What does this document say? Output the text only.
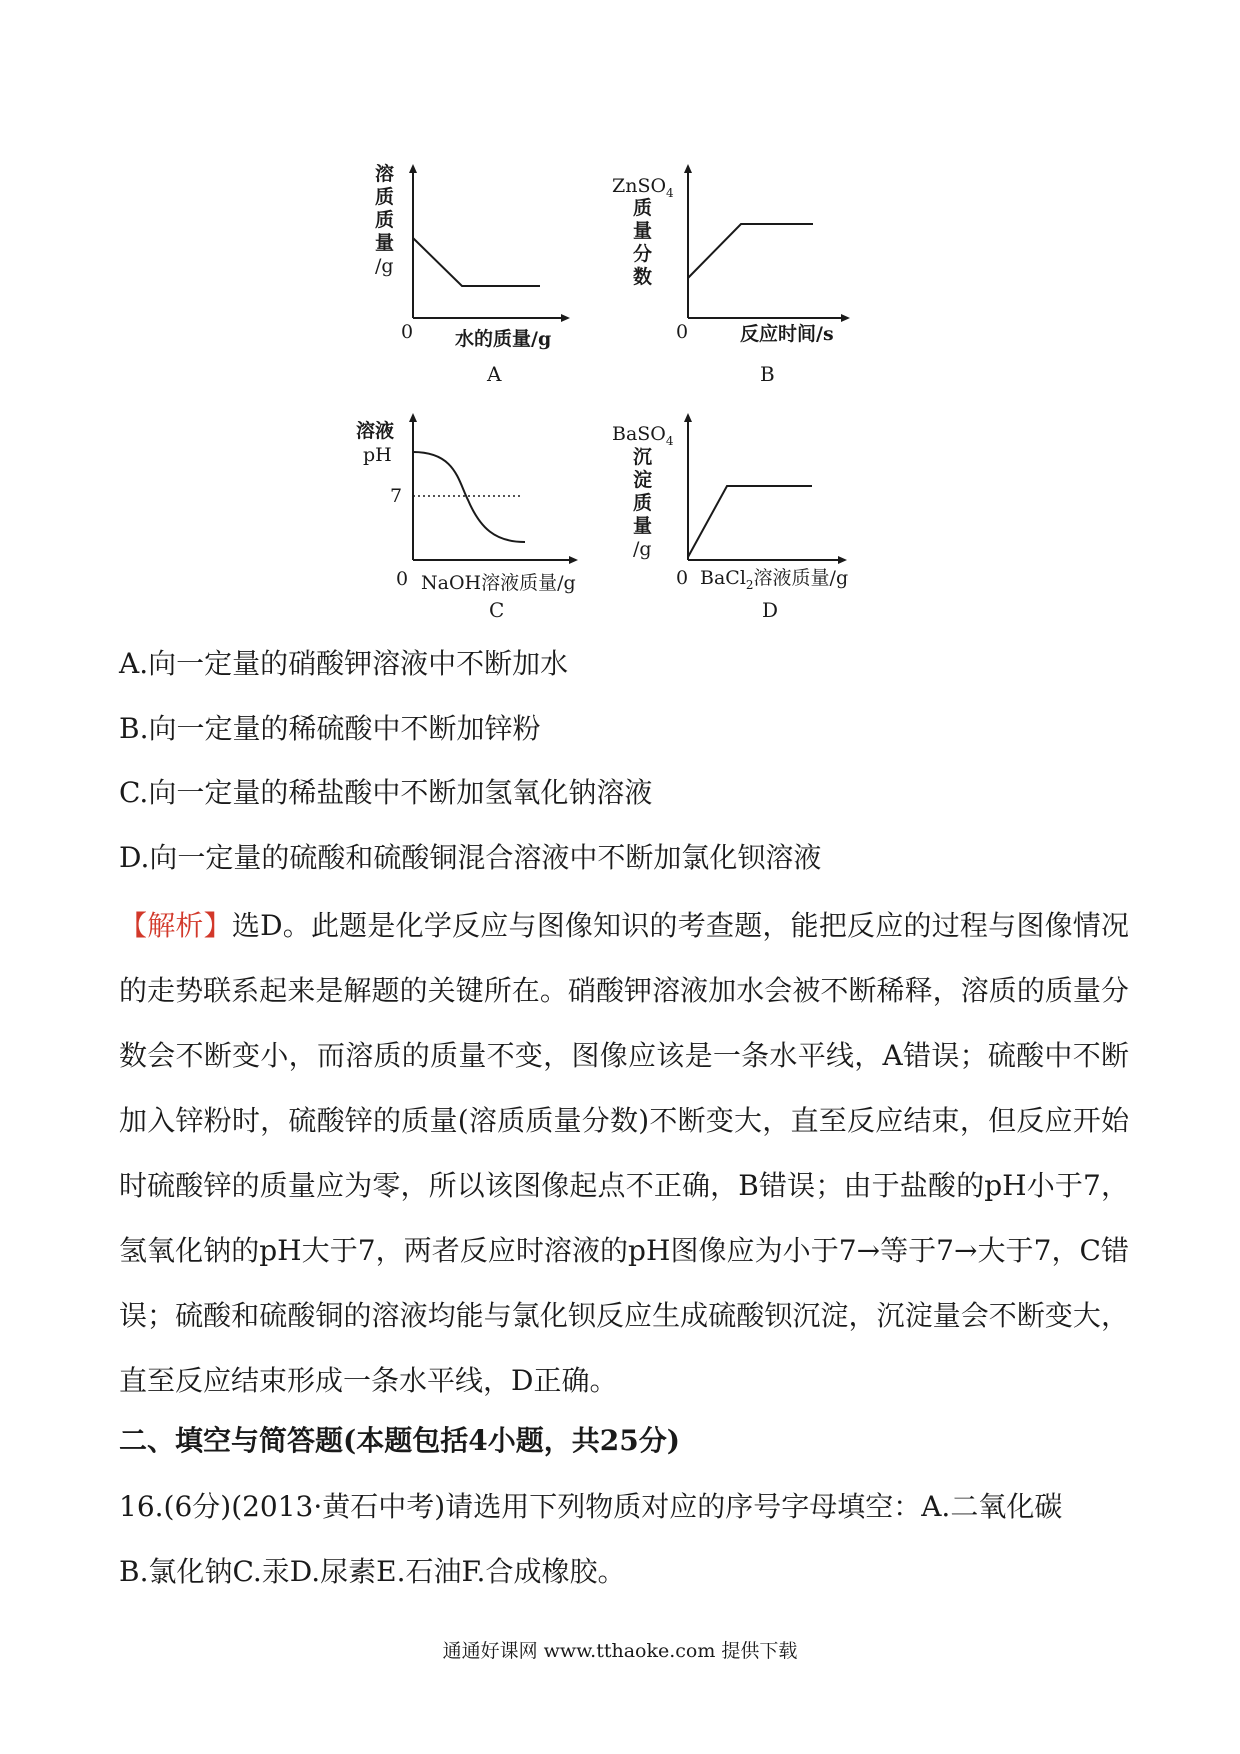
溶
质
质
量
/g
0 水的质量/g
A
ZnSO$_4$
质
量
分
数
0	反应时间/s
B
溶液
pH
7
0 NaOH溶液质量/g
C
BaSO$_4$
沉
淀
质
量
/g
0 BaCl$_2$溶液质量/g
D
A.向一定量的硝酸钾溶液中不断加水
B.向一定量的稀硫酸中不断加锌粉
C.向一定量的稀盐酸中不断加氢氧化钠溶液
D.向一定量的硫酸和硫酸铜混合溶液中不断加氯化钡溶液
【解析】选D。此题是化学反应与图像知识的考查题，能把反应的过程与图像情况的走势联系起来是解题的关键所在。硝酸钾溶液加水会被不断稀释，溶质的质量分数会不断变小，而溶质的质量不变，图像应该是一条水平线，A错误；硫酸中不断加入锌粉时，硫酸锌的质量(溶质质量分数)不断变大，直至反应结束，但反应开始时硫酸锌的质量应为零，所以该图像起点不正确，B错误；由于盐酸的pH小于7，氢氧化钠的pH大于7，两者反应时溶液的pH图像应为小于7→等于7→大于7，C错误；硫酸和硫酸铜的溶液均能与氯化钡反应生成硫酸钡沉淀，沉淀量会不断变大，直至反应结束形成一条水平线，D正确。
二、填空与简答题(本题包括4小题，共25分)
16.(6分)(2013·黄石中考)请选用下列物质对应的序号字母填空：A.二氧化碳
B.氯化钠C.汞D.尿素E.石油F.合成橡胶。
通通好课网 www.tthaoke.com 提供下载
